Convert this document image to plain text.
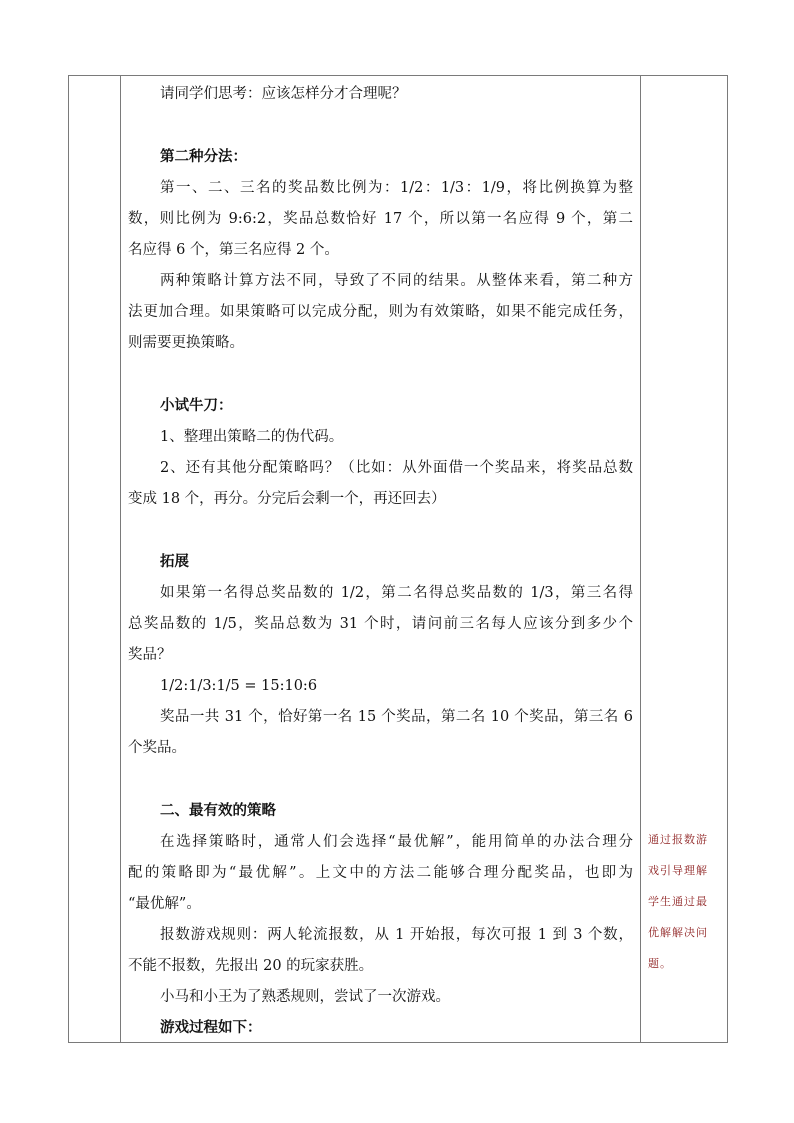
请同学们思考：应该怎样分才合理呢？
第二种分法：
第一、二、三名的奖品数比例为：1/2：1/3：1/9，将比例换算为整
数，则比例为 9:6:2，奖品总数恰好 17 个，所以第一名应得 9 个，第二
名应得 6 个，第三名应得 2 个。
两种策略计算方法不同，导致了不同的结果。从整体来看，第二种方
法更加合理。如果策略可以完成分配，则为有效策略，如果不能完成任务，
则需要更换策略。
小试牛刀：
1、整理出策略二的伪代码。
2、还有其他分配策略吗？（比如：从外面借一个奖品来，将奖品总数
变成 18 个，再分。分完后会剩一个，再还回去）
拓展
如果第一名得总奖品数的 1/2，第二名得总奖品数的 1/3，第三名得
总奖品数的 1/5，奖品总数为 31 个时，请问前三名每人应该分到多少个
奖品？
1/2:1/3:1/5 = 15:10:6
奖品一共 31 个，恰好第一名 15 个奖品，第二名 10 个奖品，第三名 6
个奖品。
二、最有效的策略
在选择策略时，通常人们会选择“最优解”，能用简单的办法合理分
配的策略即为“最优解”。上文中的方法二能够合理分配奖品，也即为
“最优解”。
报数游戏规则：两人轮流报数，从 1 开始报，每次可报 1 到 3 个数，
不能不报数，先报出 20 的玩家获胜。
小马和小王为了熟悉规则，尝试了一次游戏。
游戏过程如下：
通过报数游
戏引导理解
学生通过最
优解解决问
题。
